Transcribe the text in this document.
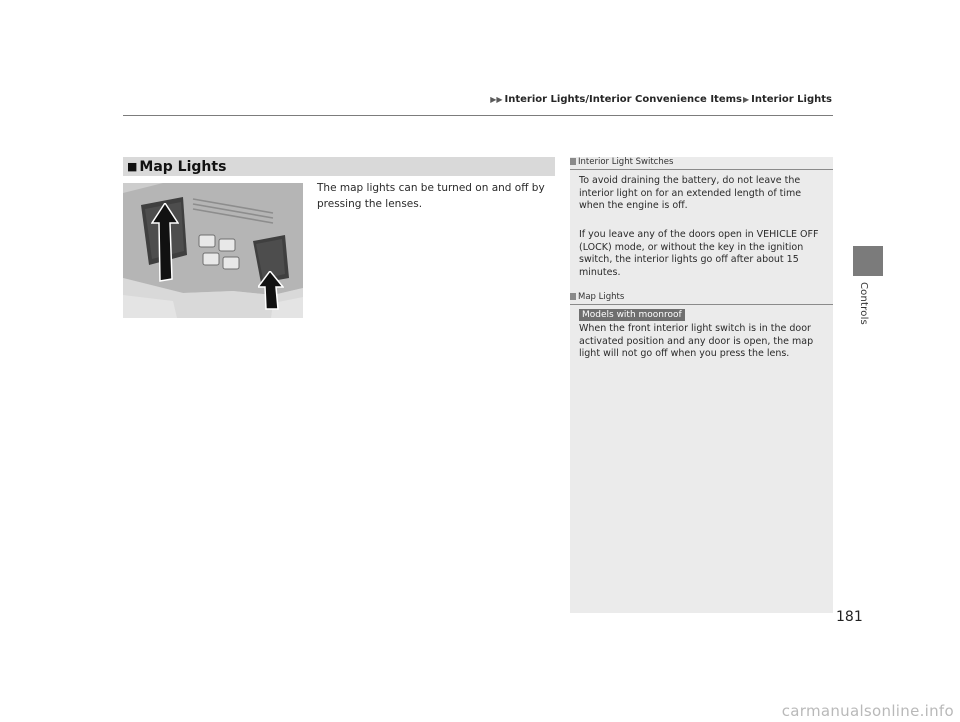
▶▶ Interior Lights/Interior Convenience Items▶ Interior Lights
Controls
■ Map Lights
The map lights can be turned on and off by pressing the lenses.
Interior Light Switches
To avoid draining the battery, do not leave the interior light on for an extended length of time when the engine is off.
If you leave any of the doors open in VEHICLE OFF (LOCK) mode, or without the key in the ignition switch, the interior lights go off after about 15 minutes.
Map Lights
Models with moonroof
When the front interior light switch is in the door activated position and any door is open, the map light will not go off when you press the lens.
181
carmanualsonline.info
